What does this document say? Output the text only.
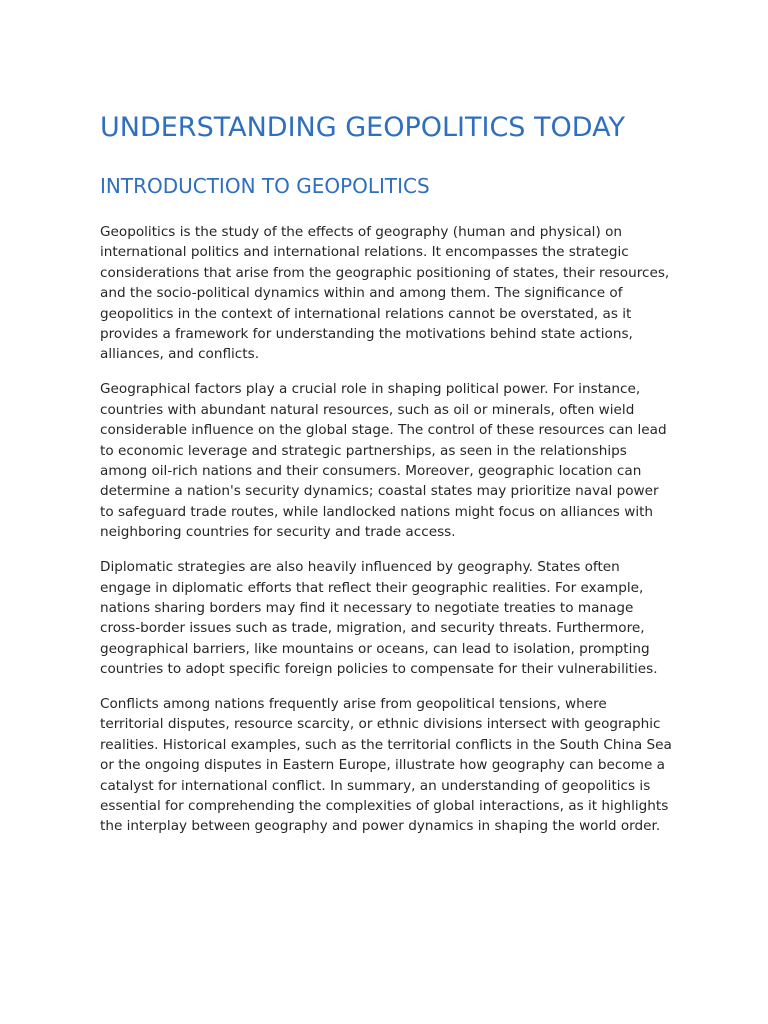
UNDERSTANDING GEOPOLITICS TODAY
INTRODUCTION TO GEOPOLITICS

Geopolitics is the study of the effects of geography (human and physical) on international politics and international relations. It encompasses the strategic considerations that arise from the geographic positioning of states, their resources, and the socio-political dynamics within and among them. The significance of geopolitics in the context of international relations cannot be overstated, as it provides a framework for understanding the motivations behind state actions, alliances, and conflicts.

Geographical factors play a crucial role in shaping political power. For instance, countries with abundant natural resources, such as oil or minerals, often wield considerable influence on the global stage. The control of these resources can lead to economic leverage and strategic partnerships, as seen in the relationships among oil-rich nations and their consumers. Moreover, geographic location can determine a nation's security dynamics; coastal states may prioritize naval power to safeguard trade routes, while landlocked nations might focus on alliances with neighboring countries for security and trade access.

Diplomatic strategies are also heavily influenced by geography. States often engage in diplomatic efforts that reflect their geographic realities. For example, nations sharing borders may find it necessary to negotiate treaties to manage cross-border issues such as trade, migration, and security threats. Furthermore, geographical barriers, like mountains or oceans, can lead to isolation, prompting countries to adopt specific foreign policies to compensate for their vulnerabilities.

Conflicts among nations frequently arise from geopolitical tensions, where territorial disputes, resource scarcity, or ethnic divisions intersect with geographic realities. Historical examples, such as the territorial conflicts in the South China Sea or the ongoing disputes in Eastern Europe, illustrate how geography can become a catalyst for international conflict. In summary, an understanding of geopolitics is essential for comprehending the complexities of global interactions, as it highlights the interplay between geography and power dynamics in shaping the world order.
